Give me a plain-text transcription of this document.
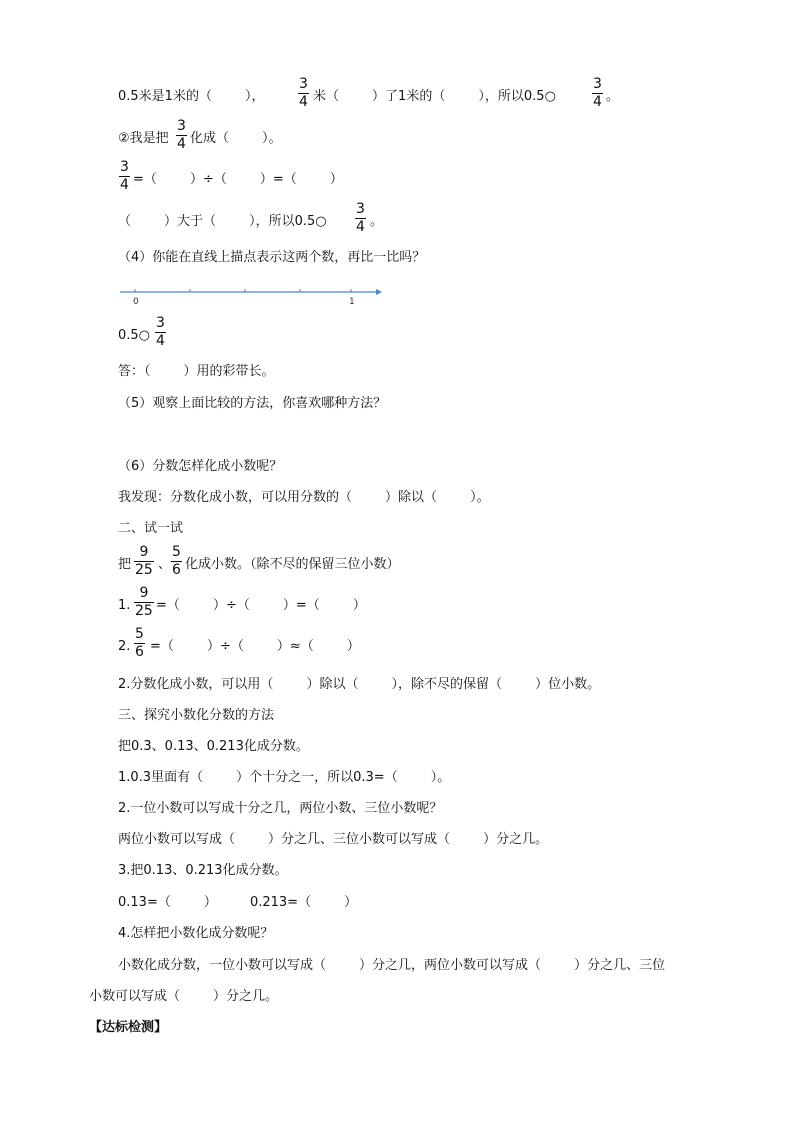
0.5米是1米的（        ），
3
4 米（        ）了1米的（        ），所以0.5○
3
4 。
②我是把
3
4 化成（        ）。
3
4 =（        ）÷（        ）=（        ）
（        ）大于（        ），所以0.5○
3
4 。
（4）你能在直线上描点表示这两个数，再比一比吗？
0	1
0.5○
3
4
答：（        ）用的彩带长。
（5）观察上面比较的方法，你喜欢哪种方法？
（6）分数怎样化成小数呢？
我发现：分数化成小数，可以用分数的（        ）除以（        ）。
二、试一试
把
9
25 、
5
6 化成小数。（除不尽的保留三位小数）
1.
9
25 =（        ）÷（        ）=（        ）
2.
5
6 =（        ）÷（        ）≈（        ）
2.分数化成小数，可以用（        ）除以（        ），除不尽的保留（        ）位小数。
三、探究小数化分数的方法
把0.3、0.13、0.213化成分数。
1.0.3里面有（        ）个十分之一，所以0.3=（        ）。
2.一位小数可以写成十分之几，两位小数、三位小数呢？
两位小数可以写成（        ）分之几、三位小数可以写成（        ）分之几。
3.把0.13、0.213化成分数。
0.13=（        ）        0.213=（        ）
4.怎样把小数化成分数呢？
小数化成分数，一位小数可以写成（        ）分之几，两位小数可以写成（        ）分之几、三位
小数可以写成（        ）分之几。
【达标检测】
